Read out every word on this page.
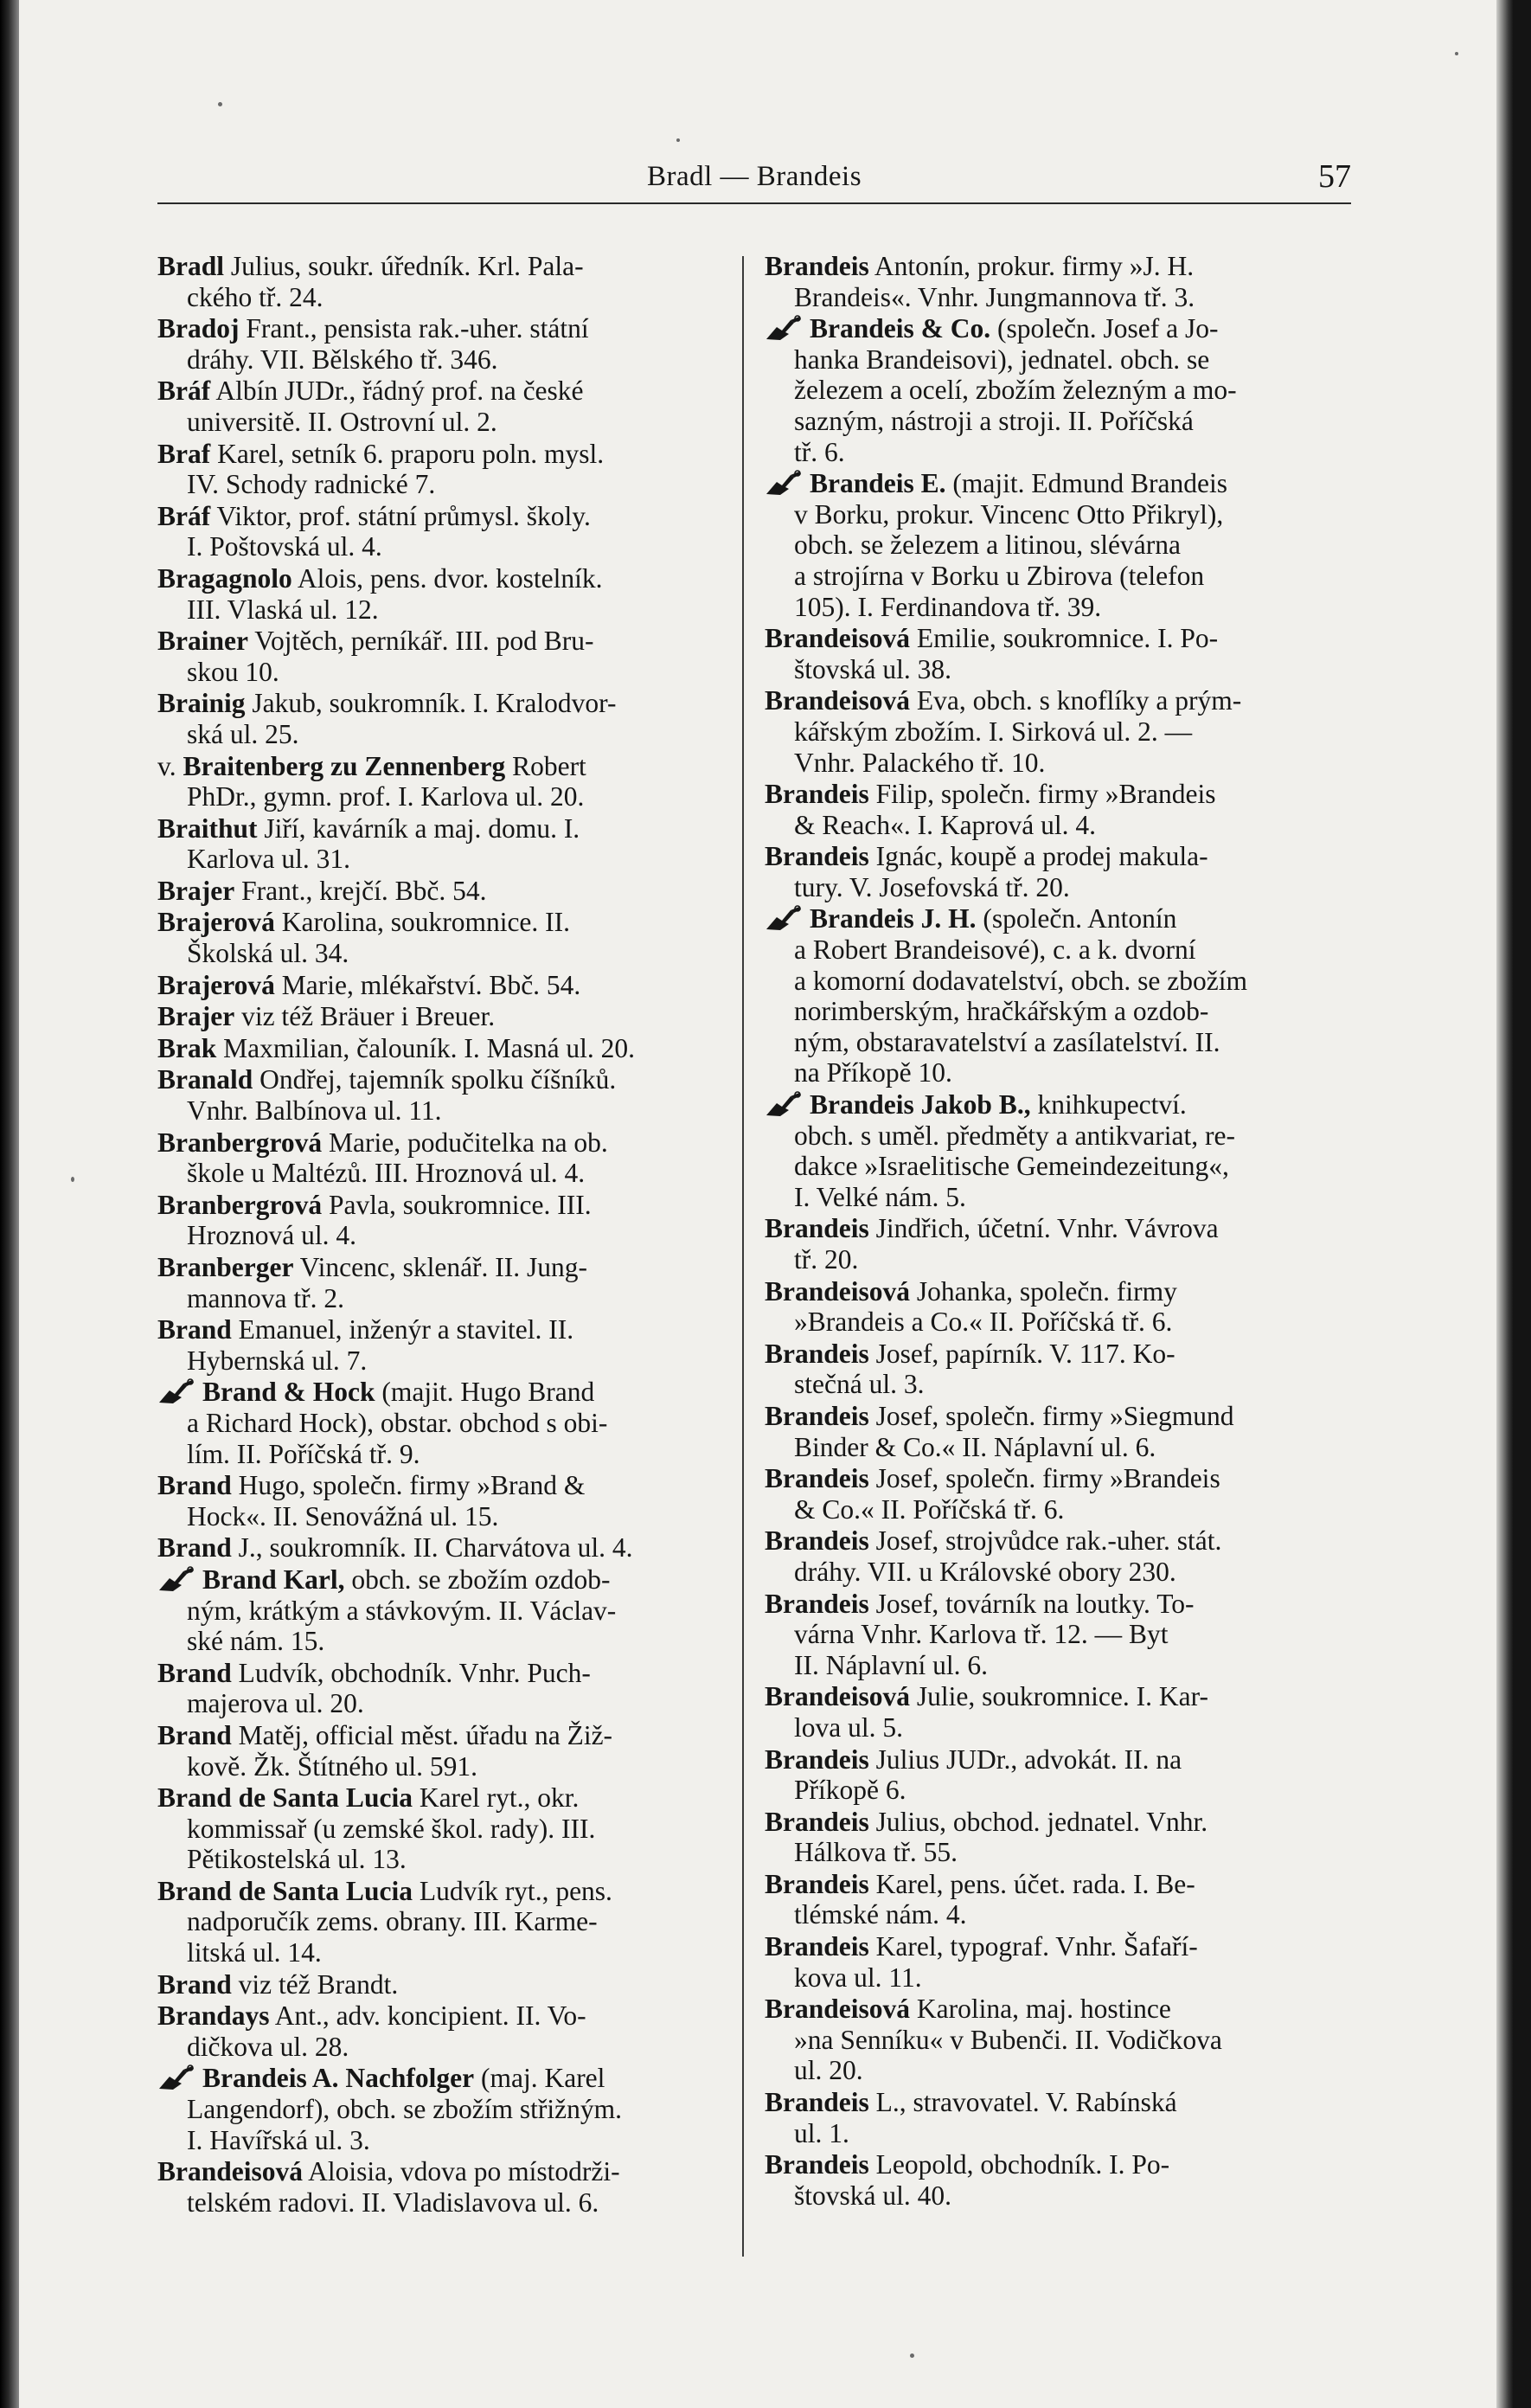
Bradl — Brandeis	57
Bradl Julius, soukr. úředník. Krl. Pala-
ckého tř. 24.
Bradoj Frant., pensista rak.-uher. státní
dráhy. VII. Bělského tř. 346.
Bráf Albín JUDr., řádný prof. na české
universitě. II. Ostrovní ul. 2.
Braf Karel, setník 6. praporu poln. mysl.
IV. Schody radnické 7.
Bráf Viktor, prof. státní průmysl. školy.
I. Poštovská ul. 4.
Bragagnolo Alois, pens. dvor. kostelník.
III. Vlaská ul. 12.
Brainer Vojtěch, perníkář. III. pod Bru-
skou 10.
Brainig Jakub, soukromník. I. Kralodvor-
ská ul. 25.
v. Braitenberg zu Zennenberg Robert
PhDr., gymn. prof. I. Karlova ul. 20.
Braithut Jiří, kavárník a maj. domu. I.
Karlova ul. 31.
Brajer Frant., krejčí. Bbč. 54.
Brajerová Karolina, soukromnice. II.
Školská ul. 34.
Brajerová Marie, mlékařství. Bbč. 54.
Brajer viz též Bräuer i Breuer.
Brak Maxmilian, čalouník. I. Masná ul. 20.
Branald Ondřej, tajemník spolku číšníků.
Vnhr. Balbínova ul. 11.
Branbergrová Marie, podučitelka na ob.
škole u Maltézů. III. Hroznová ul. 4.
Branbergrová Pavla, soukromnice. III.
Hroznová ul. 4.
Branberger Vincenc, sklenář. II. Jung-
mannova tř. 2.
Brand Emanuel, inženýr a stavitel. II.
Hybernská ul. 7.
Brand & Hock (majit. Hugo Brand
a Richard Hock), obstar. obchod s obi-
lím. II. Poříčská tř. 9.
Brand Hugo, společn. firmy »Brand &
Hock«. II. Senovážná ul. 15.
Brand J., soukromník. II. Charvátova ul. 4.
Brand Karl, obch. se zbožím ozdob-
ným, krátkým a stávkovým. II. Václav-
ské nám. 15.
Brand Ludvík, obchodník. Vnhr. Puch-
majerova ul. 20.
Brand Matěj, official měst. úřadu na Žiž-
kově. Žk. Štítného ul. 591.
Brand de Santa Lucia Karel ryt., okr.
kommissař (u zemské škol. rady). III.
Pětikostelská ul. 13.
Brand de Santa Lucia Ludvík ryt., pens.
nadporučík zems. obrany. III. Karme-
litská ul. 14.
Brand viz též Brandt.
Brandays Ant., adv. koncipient. II. Vo-
dičkova ul. 28.
Brandeis A. Nachfolger (maj. Karel
Langendorf), obch. se zbožím střižným.
I. Havířská ul. 3.
Brandeisová Aloisia, vdova po místodrži-
telském radovi. II. Vladislavova ul. 6.
Brandeis Antonín, prokur. firmy »J. H.
Brandeis«. Vnhr. Jungmannova tř. 3.
Brandeis & Co. (společn. Josef a Jo-
hanka Brandeisovi), jednatel. obch. se
železem a ocelí, zbožím železným a mo-
sazným, nástroji a stroji. II. Poříčská
tř. 6.
Brandeis E. (majit. Edmund Brandeis
v Borku, prokur. Vincenc Otto Přikryl),
obch. se železem a litinou, slévárna
a strojírna v Borku u Zbirova (telefon
105). I. Ferdinandova tř. 39.
Brandeisová Emilie, soukromnice. I. Po-
štovská ul. 38.
Brandeisová Eva, obch. s knoflíky a prým-
kářským zbožím. I. Sirková ul. 2. —
Vnhr. Palackého tř. 10.
Brandeis Filip, společn. firmy »Brandeis
& Reach«. I. Kaprová ul. 4.
Brandeis Ignác, koupě a prodej makula-
tury. V. Josefovská tř. 20.
Brandeis J. H. (společn. Antonín
a Robert Brandeisové), c. a k. dvorní
a komorní dodavatelství, obch. se zbožím
norimberským, hračkářským a ozdob-
ným, obstaravatelství a zasílatelství. II.
na Příkopě 10.
Brandeis Jakob B., knihkupectví.
obch. s uměl. předměty a antikvariat, re-
dakce »Israelitische Gemeindezeitung«,
I. Velké nám. 5.
Brandeis Jindřich, účetní. Vnhr. Vávrova
tř. 20.
Brandeisová Johanka, společn. firmy
»Brandeis a Co.« II. Poříčská tř. 6.
Brandeis Josef, papírník. V. 117. Ko-
stečná ul. 3.
Brandeis Josef, společn. firmy »Siegmund
Binder & Co.« II. Náplavní ul. 6.
Brandeis Josef, společn. firmy »Brandeis
& Co.« II. Poříčská tř. 6.
Brandeis Josef, strojvůdce rak.-uher. stát.
dráhy. VII. u Královské obory 230.
Brandeis Josef, továrník na loutky. To-
várna Vnhr. Karlova tř. 12. — Byt
II. Náplavní ul. 6.
Brandeisová Julie, soukromnice. I. Kar-
lova ul. 5.
Brandeis Julius JUDr., advokát. II. na
Příkopě 6.
Brandeis Julius, obchod. jednatel. Vnhr.
Hálkova tř. 55.
Brandeis Karel, pens. účet. rada. I. Be-
tlémské nám. 4.
Brandeis Karel, typograf. Vnhr. Šafaří-
kova ul. 11.
Brandeisová Karolina, maj. hostince
»na Senníku« v Bubenči. II. Vodičkova
ul. 20.
Brandeis L., stravovatel. V. Rabínská
ul. 1.
Brandeis Leopold, obchodník. I. Po-
štovská ul. 40.
